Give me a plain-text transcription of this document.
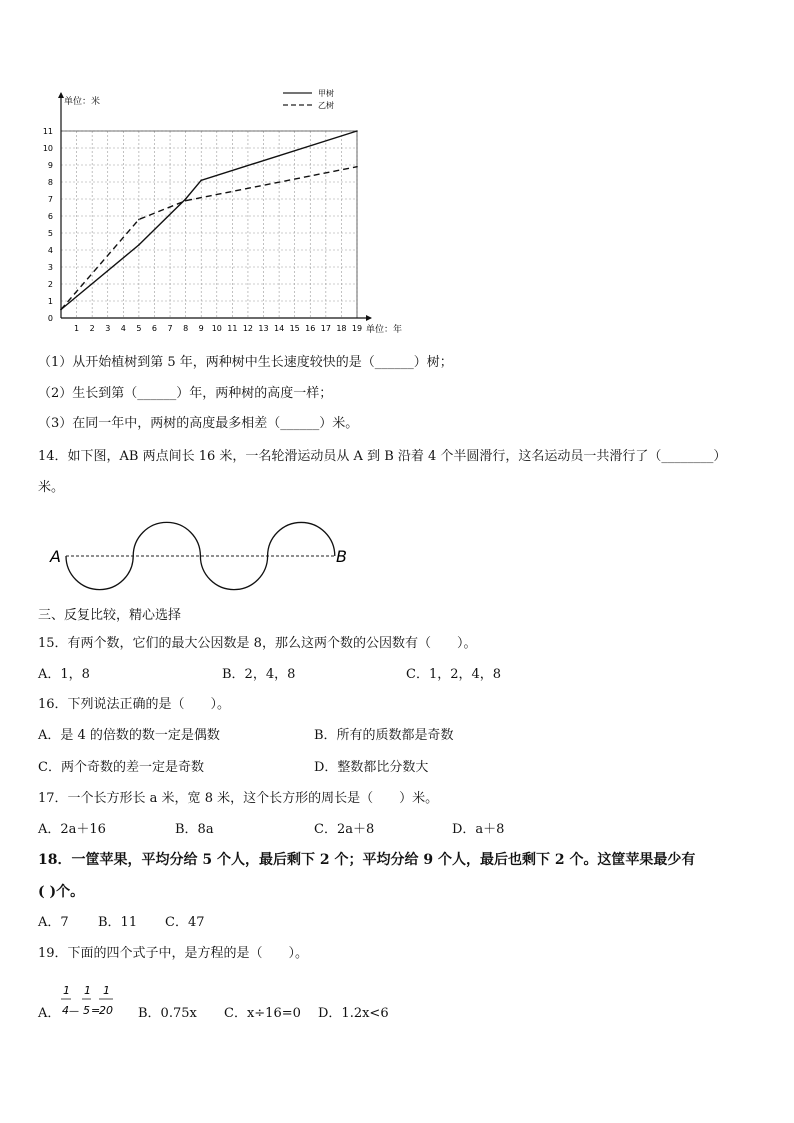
1 2 3 4 5 6 7 8 9 10 11 12 13 14 15 16 17 18 19
0
1
2
3
4
5
6
7
8
9
10
11
单位：米
单位：年
甲树
乙树
（1）从开始植树到第 5 年，两种树中生长速度较快的是（______）树；
（2）生长到第（______）年，两种树的高度一样；
（3）在同一年中，两树的高度最多相差（______）米。
14．如下图，AB 两点间长 16 米，一名轮滑运动员从 A 到 B 沿着 4 个半圆滑行，这名运动员一共滑行了（________）
米。
A	B
三、反复比较，精心选择
15．有两个数，它们的最大公因数是 8，那么这两个数的公因数有（　　）。
A．1，8	B．2，4，8	C．1，2，4，8
16．下列说法正确的是（　　）。
A．是 4 的倍数的数一定是偶数	B．所有的质数都是奇数
C．两个奇数的差一定是奇数	D．整数都比分数大
17．一个长方形长 a 米，宽 8 米，这个长方形的周长是（　　）米。
A．2a＋16	B．8a	C．2a＋8	D．a＋8
18．一筐苹果，平均分给 5 个人，最后剩下 2 个；平均分给 9 个人，最后也剩下 2 个。这筐苹果最少有
( )个。
A．7 B．11 C．47
19．下面的四个式子中，是方程的是（　　）。
A．
1
4 —
1
5 =
1
20 B．0.75x C．x÷16=0 D．1.2x<6
